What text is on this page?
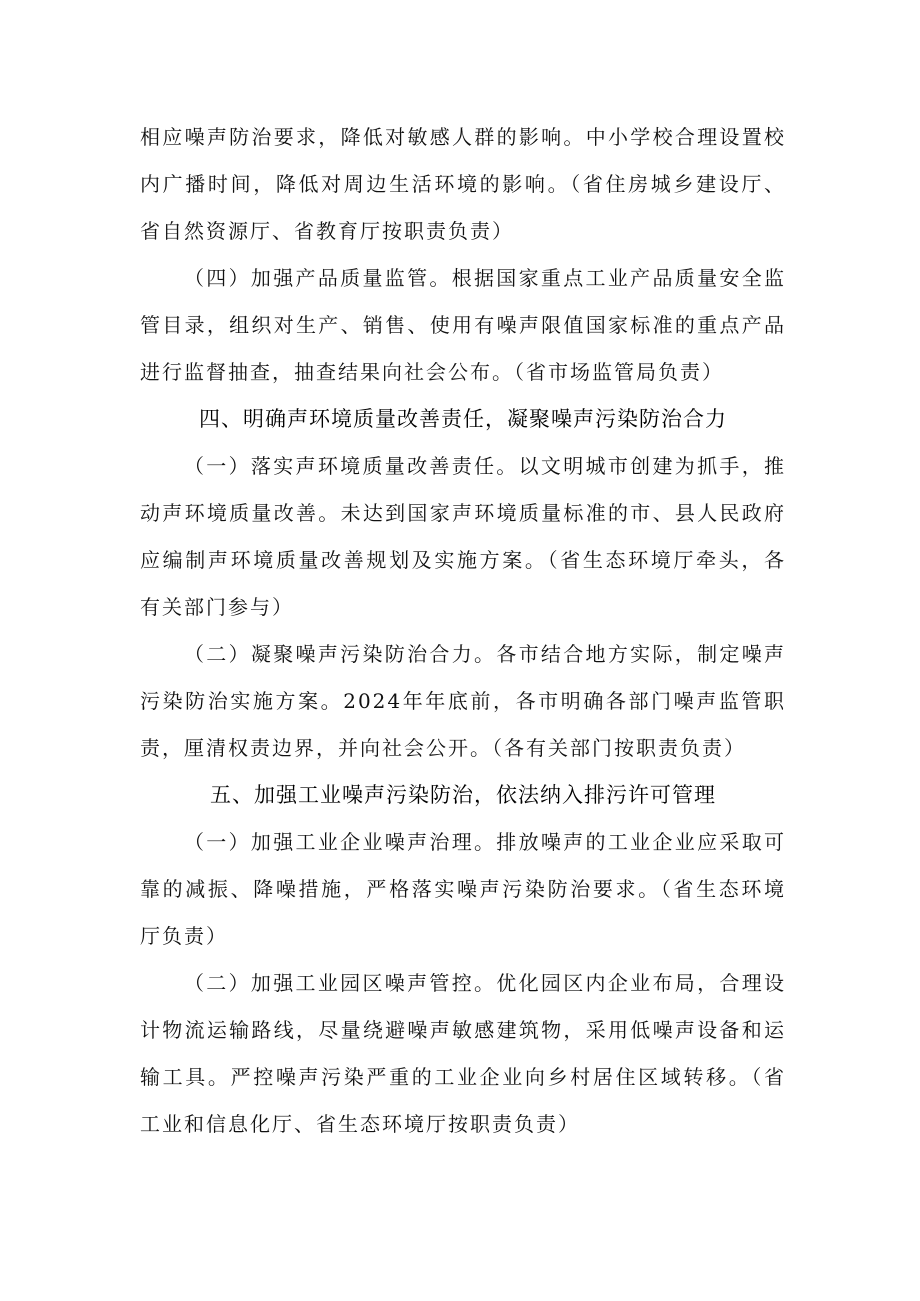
相应噪声防治要求，降低对敏感人群的影响。中小学校合理设置校内广播时间，降低对周边生活环境的影响。（省住房城乡建设厅、省自然资源厅、省教育厅按职责负责）

（四）加强产品质量监管。根据国家重点工业产品质量安全监管目录，组织对生产、销售、使用有噪声限值国家标准的重点产品进行监督抽查，抽查结果向社会公布。（省市场监管局负责）

四、明确声环境质量改善责任，凝聚噪声污染防治合力

（一）落实声环境质量改善责任。以文明城市创建为抓手，推动声环境质量改善。未达到国家声环境质量标准的市、县人民政府应编制声环境质量改善规划及实施方案。（省生态环境厅牵头，各有关部门参与）

（二）凝聚噪声污染防治合力。各市结合地方实际，制定噪声污染防治实施方案。2024年年底前，各市明确各部门噪声监管职责，厘清权责边界，并向社会公开。（各有关部门按职责负责）

五、加强工业噪声污染防治，依法纳入排污许可管理

（一）加强工业企业噪声治理。排放噪声的工业企业应采取可靠的减振、降噪措施，严格落实噪声污染防治要求。（省生态环境厅负责）

（二）加强工业园区噪声管控。优化园区内企业布局，合理设计物流运输路线，尽量绕避噪声敏感建筑物，采用低噪声设备和运输工具。严控噪声污染严重的工业企业向乡村居住区域转移。（省工业和信息化厅、省生态环境厅按职责负责）
